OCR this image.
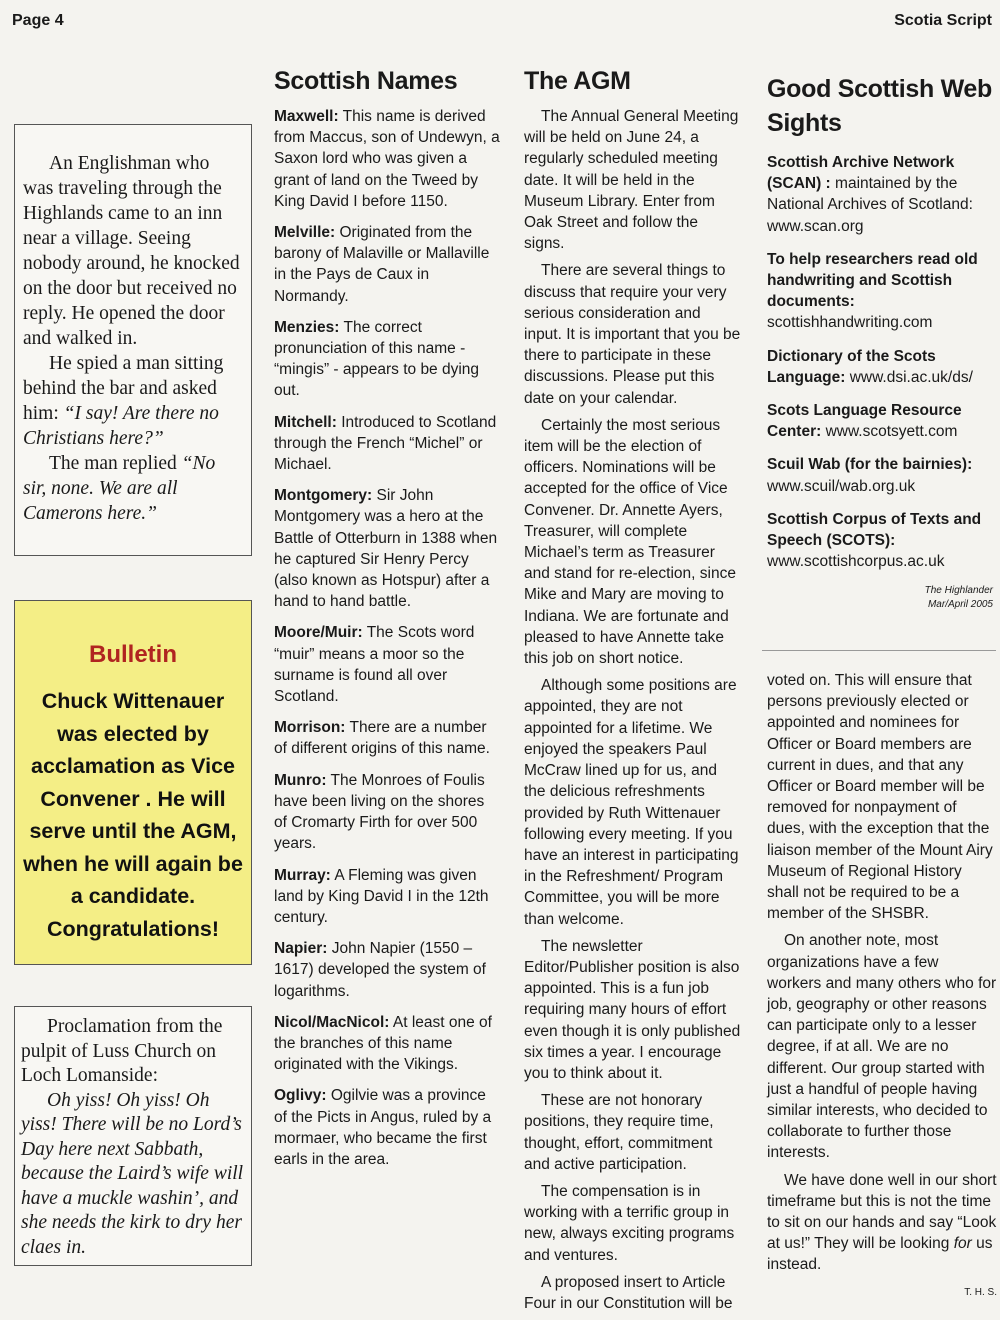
Page 4	Scotia Script

An Englishman who was traveling through the Highlands came to an inn near a village. Seeing nobody around, he knocked on the door but received no reply. He opened the door and walked in.

He spied a man sitting behind the bar and asked him: “I say! Are there no Christians here?”

The man replied “No sir, none. We are all Camerons here.”

Bulletin
Chuck Wittenauer was elected by acclamation as Vice Convener . He will serve until the AGM, when he will again be a candidate. Congratulations!

Proclamation from the pulpit of Luss Church on Loch Lomanside:

Oh yiss! Oh yiss! Oh yiss! There will be no Lord’s Day here next Sabbath, because the Laird’s wife will have a muckle washin’, and she needs the kirk to dry her claes in.

Scottish Names

Maxwell: This name is derived from Maccus, son of Undewyn, a Saxon lord who was given a grant of land on the Tweed by King David I before 1150.

Melville: Originated from the barony of Malaville or Mallaville in the Pays de Caux in Normandy.

Menzies: The correct pronunciation of this name - “mingis” - appears to be dying out.

Mitchell: Introduced to Scotland through the French “Michel” or Michael.

Montgomery: Sir John Montgomery was a hero at the Battle of Otterburn in 1388 when he captured Sir Henry Percy (also known as Hotspur) after a hand to hand battle.

Moore/Muir: The Scots word “muir” means a moor so the surname is found all over Scotland.

Morrison: There are a number of different origins of this name.

Munro: The Monroes of Foulis have been living on the shores of Cromarty Firth for over 500 years.

Murray: A Fleming was given land by King David I in the 12th century.

Napier: John Napier (1550 – 1617) developed the system of logarithms.

Nicol/MacNicol: At least one of the branches of this name originated with the Vikings.

Oglivy: Ogilvie was a province of the Picts in Angus, ruled by a mormaer, who became the first earls in the area.

The AGM

The Annual General Meeting will be held on June 24, a regularly scheduled meeting date. It will be held in the Museum Library. Enter from Oak Street and follow the signs.

There are several things to discuss that require your very serious consideration and input. It is important that you be there to participate in these discussions. Please put this date on your calendar.

Certainly the most serious item will be the election of officers. Nominations will be accepted for the office of Vice Convener. Dr. Annette Ayers, Treasurer, will complete Michael’s term as Treasurer and stand for re-election, since Mike and Mary are moving to Indiana. We are fortunate and pleased to have Annette take this job on short notice.

Although some positions are appointed, they are not appointed for a lifetime. We enjoyed the speakers Paul McCraw lined up for us, and the delicious refreshments provided by Ruth Wittenauer following every meeting. If you have an interest in participating in the Refreshment/ Program Committee, you will be more than welcome.

The newsletter Editor/Publisher position is also appointed. This is a fun job requiring many hours of effort even though it is only published six times a year. I encourage you to think about it.

These are not honorary positions, they require time, thought, effort, commitment and active participation.

The compensation is in working with a terrific group in new, always exciting programs and ventures.

A proposed insert to Article Four in our Constitution will be

Good Scottish Web Sights

Scottish Archive Network (SCAN) : maintained by the National Archives of Scotland: www.scan.org

To help researchers read old handwriting and Scottish documents: scottishhandwriting.com

Dictionary of the Scots Language: www.dsi.ac.uk/ds/

Scots Language Resource Center: www.scotsyett.com

Scuil Wab (for the bairnies): www.scuil/wab.org.uk

Scottish Corpus of Texts and Speech (SCOTS): www.scottishcorpus.ac.uk

The Highlander
Mar/April 2005

voted on. This will ensure that persons previously elected or appointed and nominees for Officer or Board members are current in dues, and that any Officer or Board member will be removed for nonpayment of dues, with the exception that the liaison member of the Mount Airy Museum of Regional History shall not be required to be a member of the SHSBR.

On another note, most organizations have a few workers and many others who for job, geography or other reasons can participate only to a lesser degree, if at all. We are no different. Our group started with just a handful of people having similar interests, who decided to collaborate to further those interests.

We have done well in our short timeframe but this is not the time to sit on our hands and say “Look at us!” They will be looking for us instead.

T. H. S.
